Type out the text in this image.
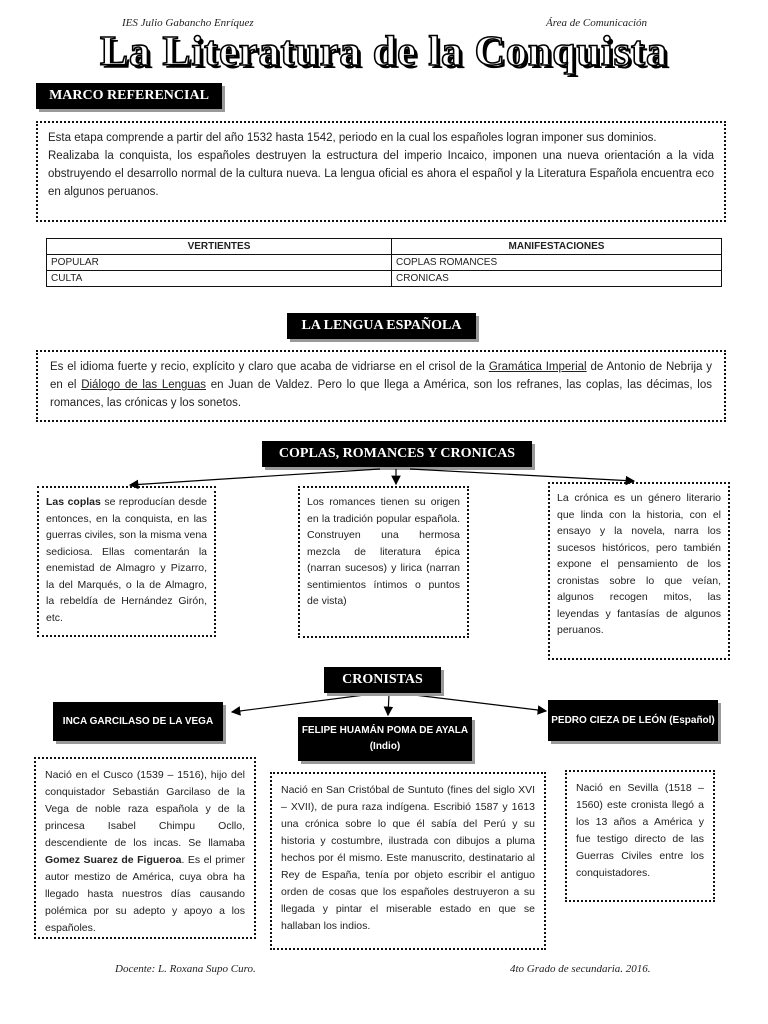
IES Julio Gabancho Enríquez	Área de Comunicación
La Literatura de la Conquista
MARCO REFERENCIAL
Esta etapa comprende a partir del año 1532 hasta 1542, periodo en la cual los españoles logran imponer sus dominios.
Realizaba la conquista, los españoles destruyen la estructura del imperio Incaico, imponen una nueva orientación a la vida obstruyendo el desarrollo normal de la cultura nueva. La lengua oficial es ahora el español y la Literatura Española encuentra eco en algunos peruanos.
VERTIENTES	MANIFESTACIONES
POPULAR	COPLAS ROMANCES
CULTA	CRONICAS
LA LENGUA ESPAÑOLA
Es el idioma fuerte y recio, explícito y claro que acaba de vidriarse en el crisol de la Gramática Imperial de Antonio de Nebrija y en el Diálogo de las Lenguas en Juan de Valdez. Pero lo que llega a América, son los refranes, las coplas, las décimas, los romances, las crónicas y los sonetos.
COPLAS, ROMANCES Y CRONICAS
Las coplas se reproducían desde entonces, en la conquista, en las guerras civiles, son la misma vena sediciosa. Ellas comentarán la enemistad de Almagro y Pizarro, la del Marqués, o la de Almagro, la rebeldía de Hernández Girón, etc.
Los romances tienen su origen en la tradición popular española. Construyen una hermosa mezcla de literatura épica (narran sucesos) y lirica (narran sentimientos íntimos o puntos de vista)
La crónica es un género literario que linda con la historia, con el ensayo y la novela, narra los sucesos históricos, pero también expone el pensamiento de los cronistas sobre lo que veían, algunos recogen mitos, las leyendas y fantasías de algunos peruanos.
CRONISTAS
INCA GARCILASO DE LA VEGA
FELIPE HUAMÁN POMA DE AYALA (Indio)
PEDRO CIEZA DE LEÓN (Español)
Nació en el Cusco (1539 – 1516), hijo del conquistador Sebastián Garcilaso de la Vega de noble raza española y de la princesa Isabel Chimpu Ocllo, descendiente de los incas. Se llamaba Gomez Suarez de Figueroa. Es el primer autor mestizo de América, cuya obra ha llegado hasta nuestros días causando polémica por su adepto y apoyo a los españoles.
Nació en San Cristóbal de Suntuto (fines del siglo XVI – XVII), de pura raza indígena. Escribió 1587 y 1613 una crónica sobre lo que él sabía del Perú y su historia y costumbre, ilustrada con dibujos a pluma hechos por él mismo. Este manuscrito, destinatario al Rey de España, tenía por objeto escribir el antiguo orden de cosas que los españoles destruyeron a su llegada y pintar el miserable estado en que se hallaban los indios.
Nació en Sevilla (1518 – 1560) este cronista llegó a los 13 años a América y fue testigo directo de las Guerras Civiles entre los conquistadores.
Docente: L. Roxana Supo Curo.	4to Grado de secundaria. 2016.
